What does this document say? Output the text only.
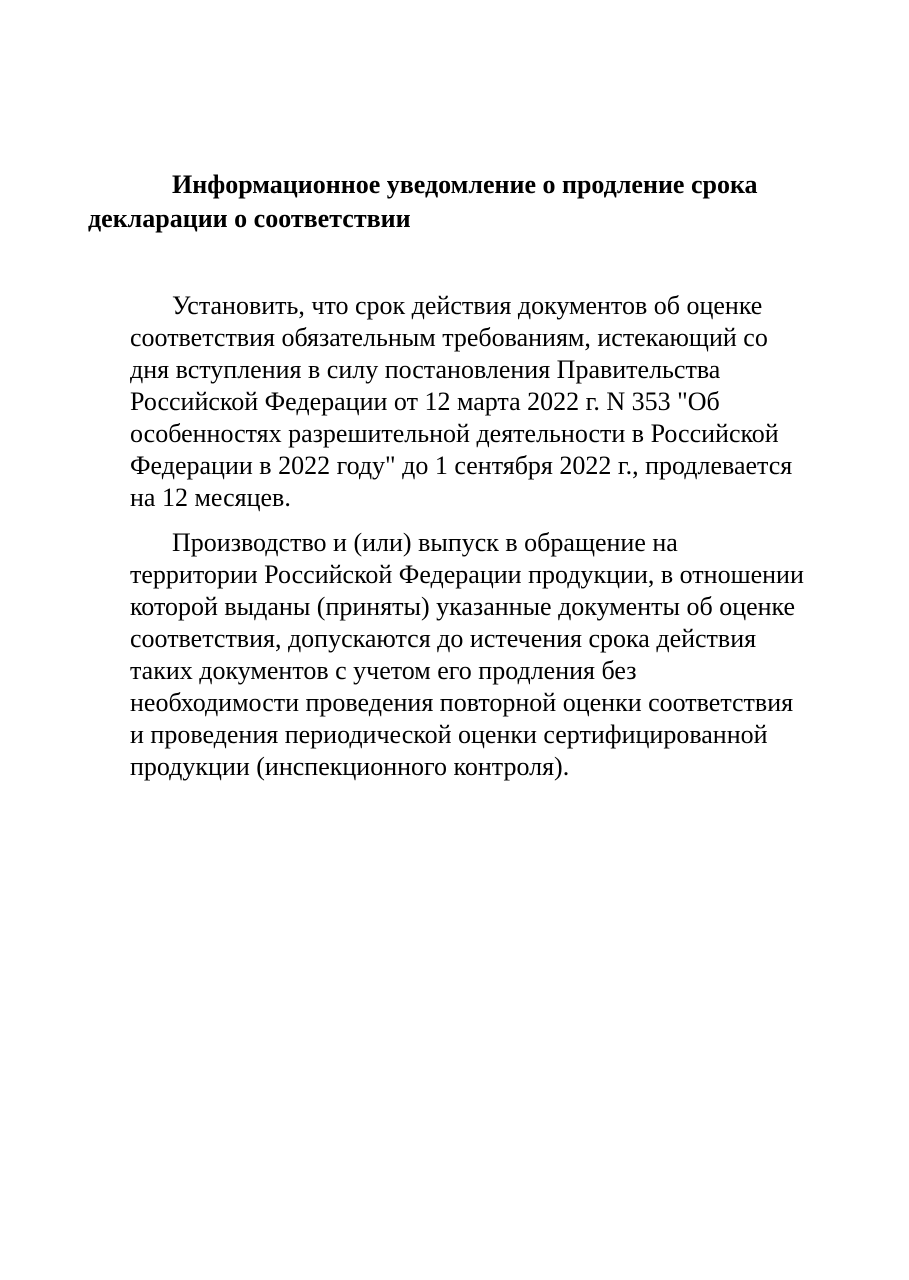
Информационное уведомление о продление срока
декларации о соответствии

Установить, что срок действия документов об оценке
соответствия обязательным требованиям, истекающий со
дня вступления в силу постановления Правительства
Российской Федерации от 12 марта 2022 г. N 353 "Об
особенностях разрешительной деятельности в Российской
Федерации в 2022 году" до 1 сентября 2022 г., продлевается
на 12 месяцев.

Производство и (или) выпуск в обращение на
территории Российской Федерации продукции, в отношении
которой выданы (приняты) указанные документы об оценке
соответствия, допускаются до истечения срока действия
таких документов с учетом его продления без
необходимости проведения повторной оценки соответствия
и проведения периодической оценки сертифицированной
продукции (инспекционного контроля).
